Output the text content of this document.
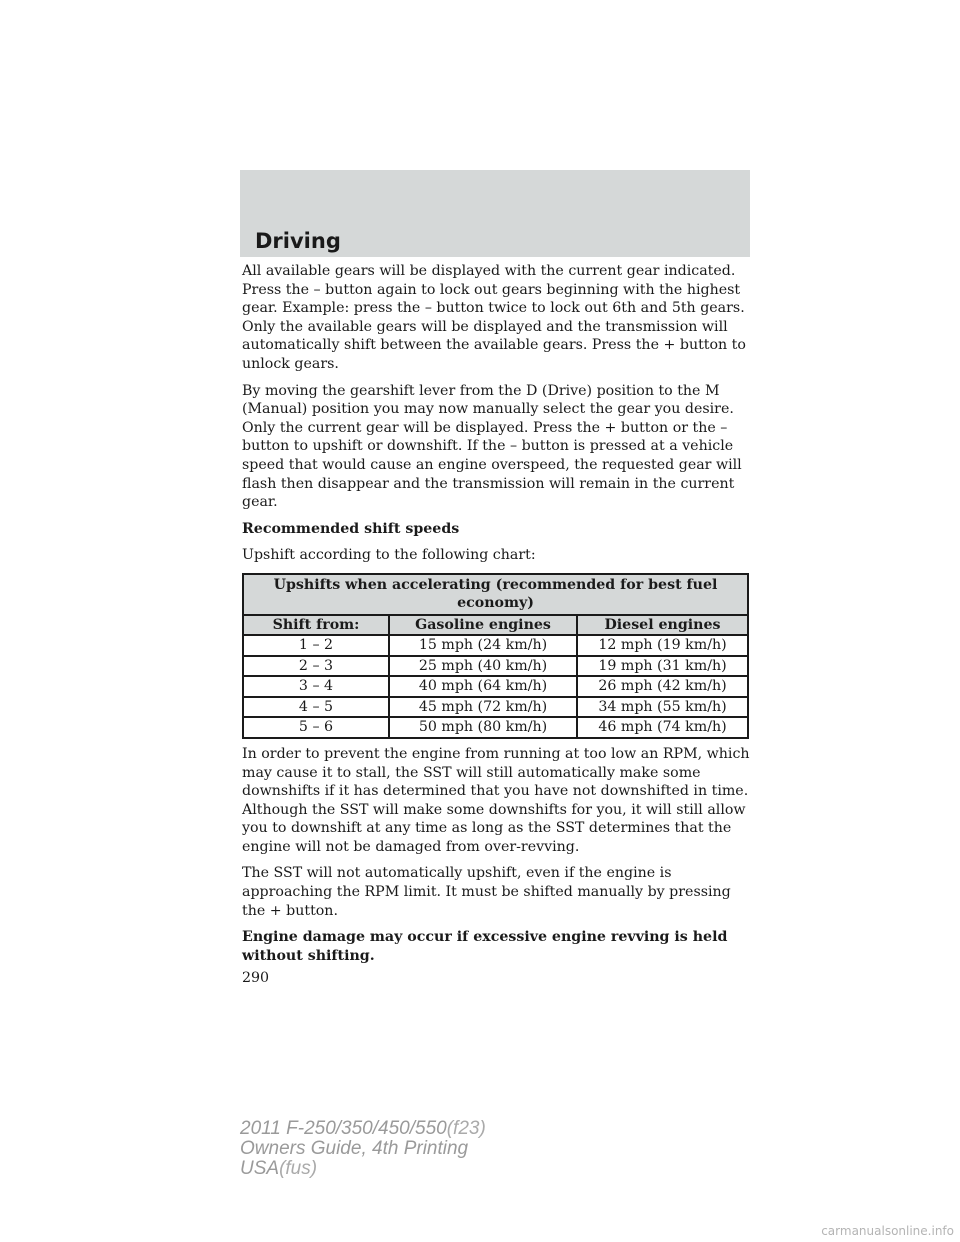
Driving

All available gears will be displayed with the current gear indicated. Press the – button again to lock out gears beginning with the highest gear. Example: press the – button twice to lock out 6th and 5th gears. Only the available gears will be displayed and the transmission will automatically shift between the available gears. Press the + button to unlock gears.

By moving the gearshift lever from the D (Drive) position to the M (Manual) position you may now manually select the gear you desire. Only the current gear will be displayed. Press the + button or the – button to upshift or downshift. If the – button is pressed at a vehicle speed that would cause an engine overspeed, the requested gear will flash then disappear and the transmission will remain in the current gear.

Recommended shift speeds

Upshift according to the following chart:

Upshifts when accelerating (recommended for best fuel economy)		
Shift from:	Gasoline engines	Diesel engines
1 – 2	15 mph (24 km/h)	12 mph (19 km/h)
2 – 3	25 mph (40 km/h)	19 mph (31 km/h)
3 – 4	40 mph (64 km/h)	26 mph (42 km/h)
4 – 5	45 mph (72 km/h)	34 mph (55 km/h)
5 – 6	50 mph (80 km/h)	46 mph (74 km/h)

In order to prevent the engine from running at too low an RPM, which may cause it to stall, the SST will still automatically make some downshifts if it has determined that you have not downshifted in time. Although the SST will make some downshifts for you, it will still allow you to downshift at any time as long as the SST determines that the engine will not be damaged from over-revving.

The SST will not automatically upshift, even if the engine is approaching the RPM limit. It must be shifted manually by pressing the + button.

Engine damage may occur if excessive engine revving is held without shifting.

290
2011 F-250/350/450/550(f23)
Owners Guide, 4th Printing
USA(fus)
carmanualsonline.info
